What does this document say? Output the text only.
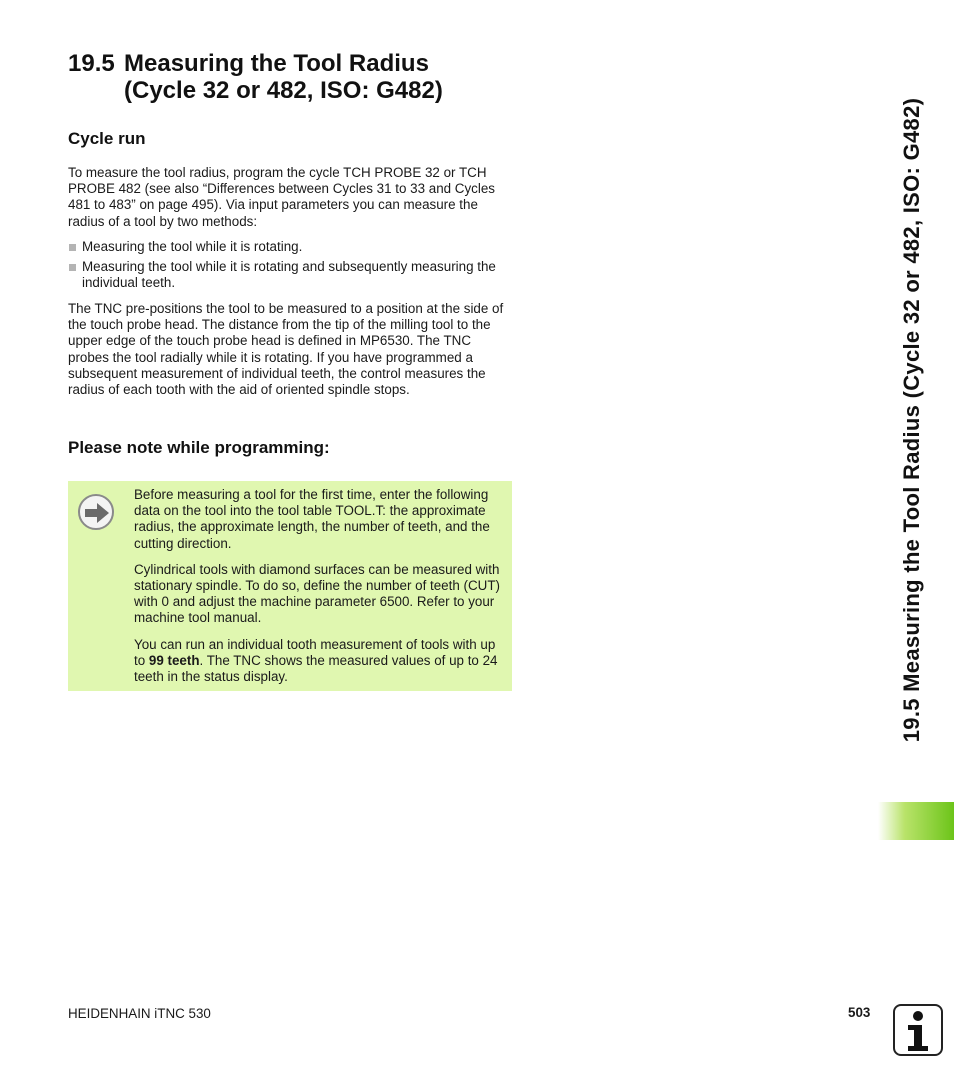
19.5 Measuring the Tool Radius
(Cycle 32 or 482, ISO: G482)
Cycle run

To measure the tool radius, program the cycle TCH PROBE 32 or TCH PROBE 482 (see also “Differences between Cycles 31 to 33 and Cycles 481 to 483” on page 495). Via input parameters you can measure the radius of a tool by two methods:

Measuring the tool while it is rotating.
Measuring the tool while it is rotating and subsequently measuring the individual teeth.

The TNC pre-positions the tool to be measured to a position at the side of the touch probe head. The distance from the tip of the milling tool to the upper edge of the touch probe head is defined in MP6530. The TNC probes the tool radially while it is rotating. If you have programmed a subsequent measurement of individual teeth, the control measures the radius of each tooth with the aid of oriented spindle stops.

Please note while programming:

Before measuring a tool for the first time, enter the following data on the tool into the tool table TOOL.T: the approximate radius, the approximate length, the number of teeth, and the cutting direction.

Cylindrical tools with diamond surfaces can be measured with stationary spindle. To do so, define the number of teeth (CUT) with 0 and adjust the machine parameter 6500. Refer to your machine tool manual.

You can run an individual tooth measurement of tools with up to 99 teeth. The TNC shows the measured values of up to 24 teeth in the status display.	19.5 Measuring the Tool Radius (Cycle 32 or 482, ISO: G482)
HEIDENHAIN iTNC 530	503
